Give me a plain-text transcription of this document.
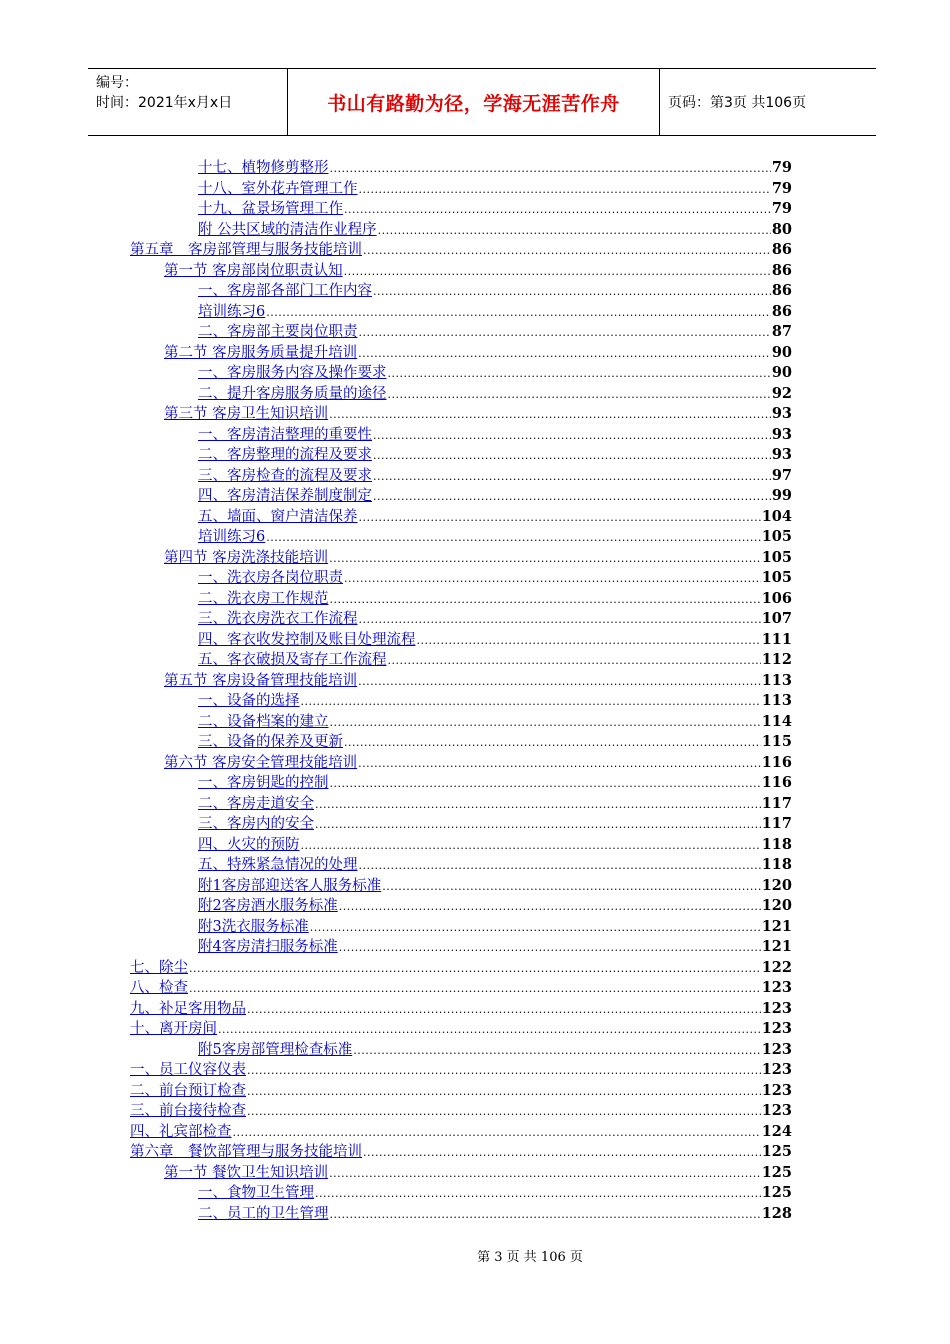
编号：
时间：2021年x月x日	书山有路勤为径，学海无涯苦作舟	页码：第3页 共106页
十七、植物修剪整形 .....	79
十八、室外花卉管理工作 .....	79
十九、盆景场管理工作 .....	79
附 公共区域的清洁作业程序 .....	80
第五章　客房部管理与服务技能培训 .....	86
第一节 客房部岗位职责认知 .....	86
一、客房部各部门工作内容 .....	86
培训练习6 .....	86
二、客房部主要岗位职责 .....	87
第二节 客房服务质量提升培训 .....	90
一、客房服务内容及操作要求 .....	90
二、提升客房服务质量的途径 .....	92
第三节 客房卫生知识培训 .....	93
一、客房清洁整理的重要性 .....	93
二、客房整理的流程及要求 .....	93
三、客房检查的流程及要求 .....	97
四、客房清洁保养制度制定 .....	99
五、墙面、窗户清洁保养 .....	104
培训练习6 .....	105
第四节 客房洗涤技能培训 .....	105
一、洗衣房各岗位职责 .....	105
二、洗衣房工作规范 .....	106
三、洗衣房洗衣工作流程 .....	107
四、客衣收发控制及账目处理流程 .....	111
五、客衣破损及寄存工作流程 .....	112
第五节 客房设备管理技能培训 .....	113
一、设备的选择 .....	113
二、设备档案的建立 .....	114
三、设备的保养及更新 .....	115
第六节 客房安全管理技能培训 .....	116
一、客房钥匙的控制 .....	116
二、客房走道安全 .....	117
三、客房内的安全 .....	117
四、火灾的预防 .....	118
五、特殊紧急情况的处理 .....	118
附1客房部迎送客人服务标准 .....	120
附2客房酒水服务标准 .....	120
附3洗衣服务标准 .....	121
附4客房清扫服务标准 .....	121
七、除尘 .....	122
八、检查 .....	123
九、补足客用物品 .....	123
十、离开房间 .....	123
附5客房部管理检查标准 .....	123
一、员工仪容仪表 .....	123
二、前台预订检查 .....	123
三、前台接待检查 .....	123
四、礼宾部检查 .....	124
第六章　餐饮部管理与服务技能培训 .....	125
第一节 餐饮卫生知识培训 .....	125
一、食物卫生管理 .....	125
二、员工的卫生管理 .....	128
第 3 页 共 106 页
